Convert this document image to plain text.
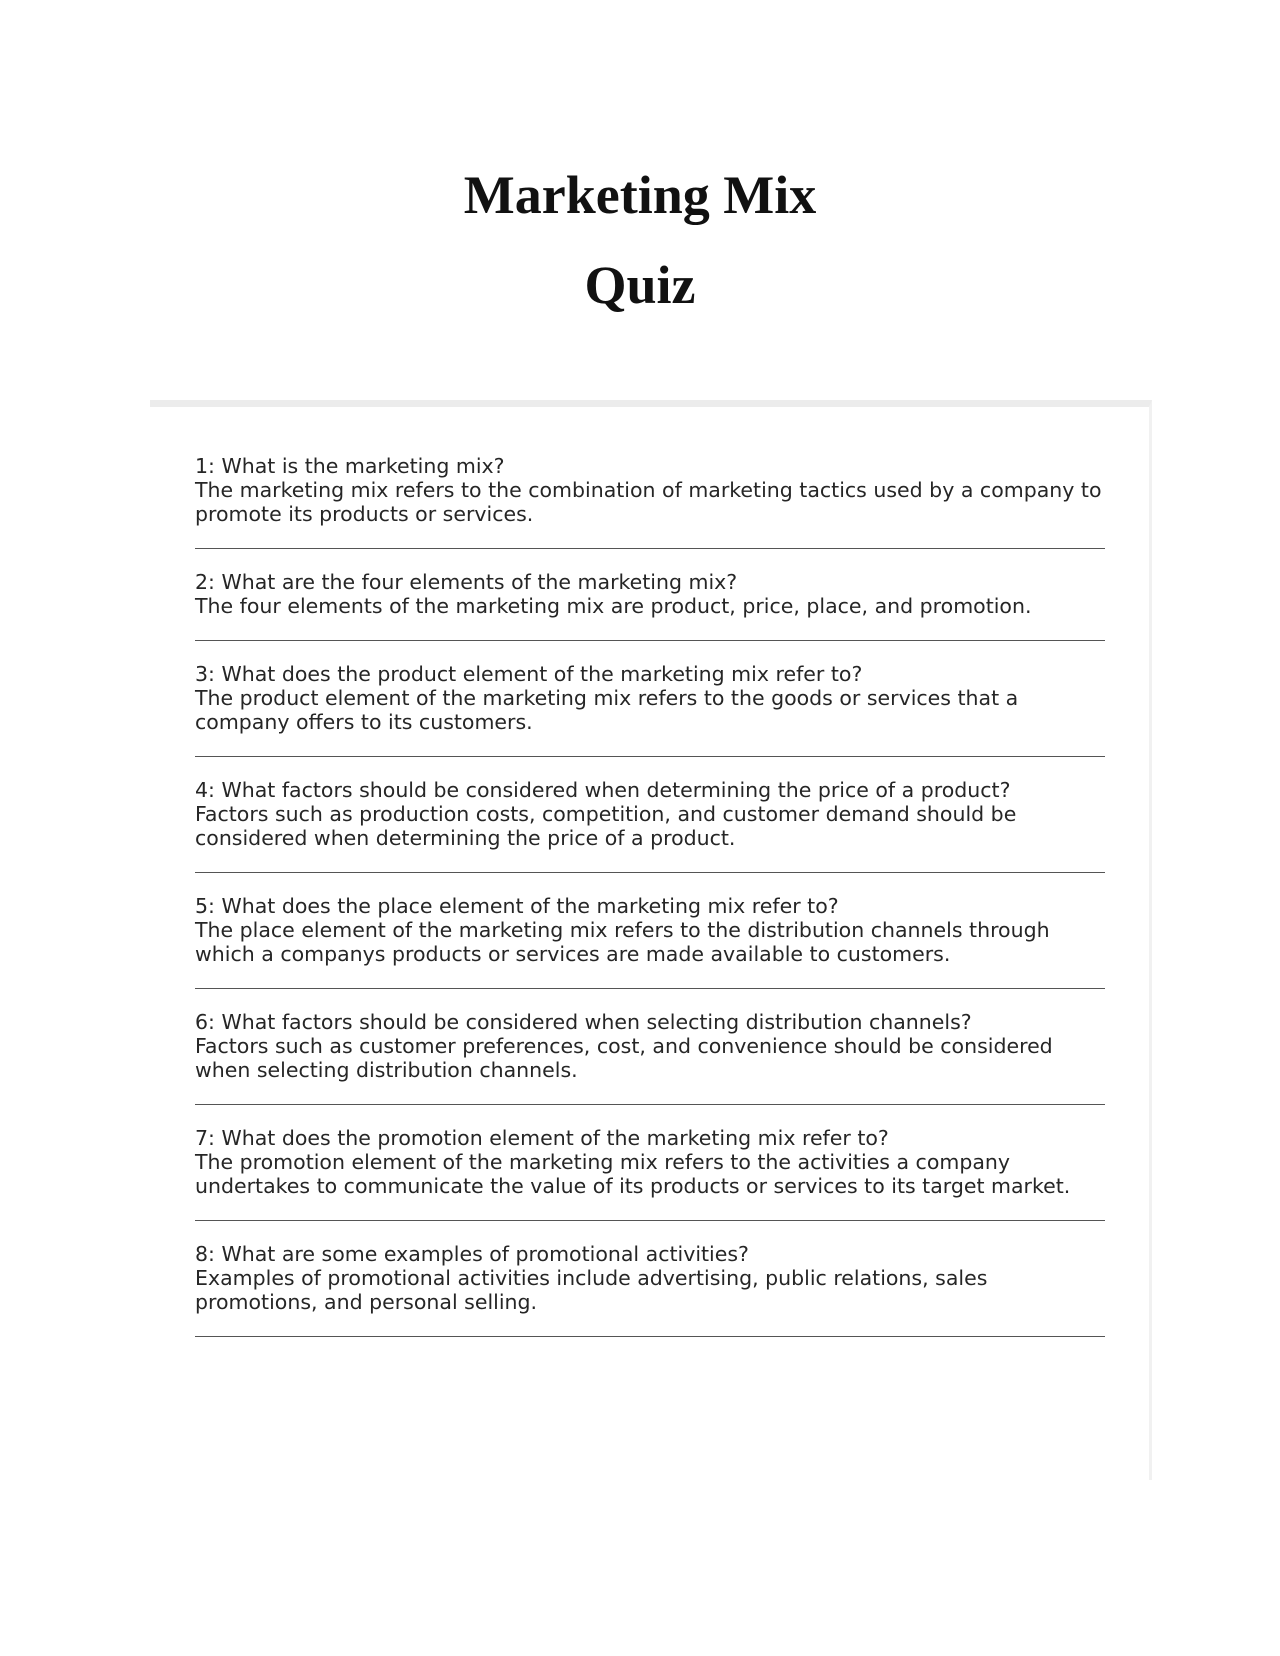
Marketing Mix
Quiz

1: What is the marketing mix?

The marketing mix refers to the combination of marketing tactics used by a company to promote its products or services.

2: What are the four elements of the marketing mix?

The four elements of the marketing mix are product, price, place, and promotion.

3: What does the product element of the marketing mix refer to?

The product element of the marketing mix refers to the goods or services that a company offers to its customers.

4: What factors should be considered when determining the price of a product?

Factors such as production costs, competition, and customer demand should be considered when determining the price of a product.

5: What does the place element of the marketing mix refer to?

The place element of the marketing mix refers to the distribution channels through which a companys products or services are made available to customers.

6: What factors should be considered when selecting distribution channels?

Factors such as customer preferences, cost, and convenience should be considered when selecting distribution channels.

7: What does the promotion element of the marketing mix refer to?

The promotion element of the marketing mix refers to the activities a company undertakes to communicate the value of its products or services to its target market.

8: What are some examples of promotional activities?

Examples of promotional activities include advertising, public relations, sales promotions, and personal selling.
